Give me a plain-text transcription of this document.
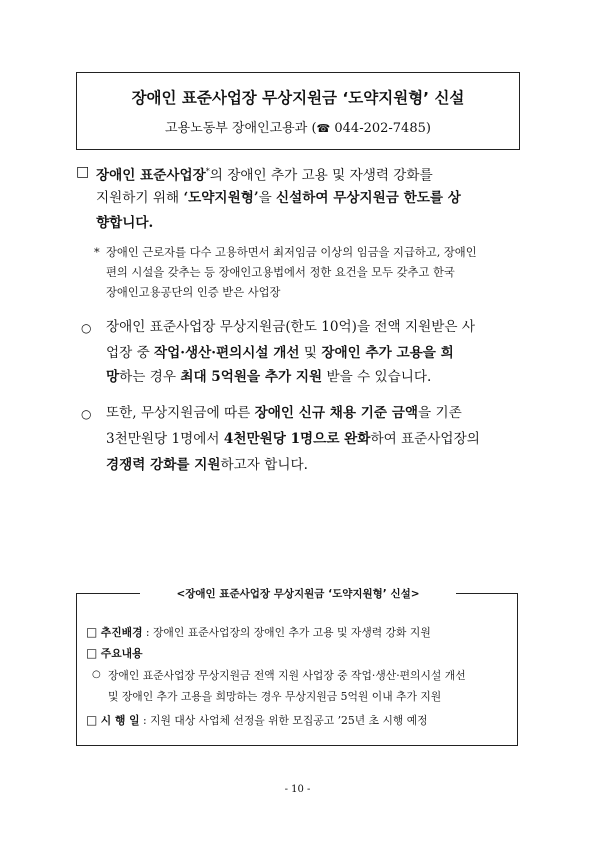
장애인 표준사업장 무상지원금 ‘도약지원형’ 신설
고용노동부 장애인고용과 (☎ 044-202-7485)
□ 장애인 표준사업장*의 장애인 추가 고용 및 자생력 강화를
지원하기 위해 ‘도약지원형’을 신설하여 무상지원금 한도를 상
향합니다.
* 장애인 근로자를 다수 고용하면서 최저임금 이상의 임금을 지급하고, 장애인
편의 시설을 갖추는 등 장애인고용법에서 정한 요건을 모두 갖추고 한국
장애인고용공단의 인증 받은 사업장
○ 장애인 표준사업장 무상지원금(한도 10억)을 전액 지원받은 사
업장 중 작업·생산·편의시설 개선 및 장애인 추가 고용을 희
망하는 경우 최대 5억원을 추가 지원 받을 수 있습니다.
○ 또한, 무상지원금에 따른 장애인 신규 채용 기준 금액을 기존
3천만원당 1명에서 4천만원당 1명으로 완화하여 표준사업장의
경쟁력 강화를 지원하고자 합니다.
<장애인 표준사업장 무상지원금 ‘도약지원형’ 신설>
□ 추진배경 : 장애인 표준사업장의 장애인 추가 고용 및 자생력 강화 지원
□ 주요내용
○ 장애인 표준사업장 무상지원금 전액 지원 사업장 중 작업·생산·편의시설 개선
및 장애인 추가 고용을 희망하는 경우 무상지원금 5억원 이내 추가 지원
□ 시 행 일 : 지원 대상 사업체 선정을 위한 모집공고 ’25년 초 시행 예정
- 10 -
